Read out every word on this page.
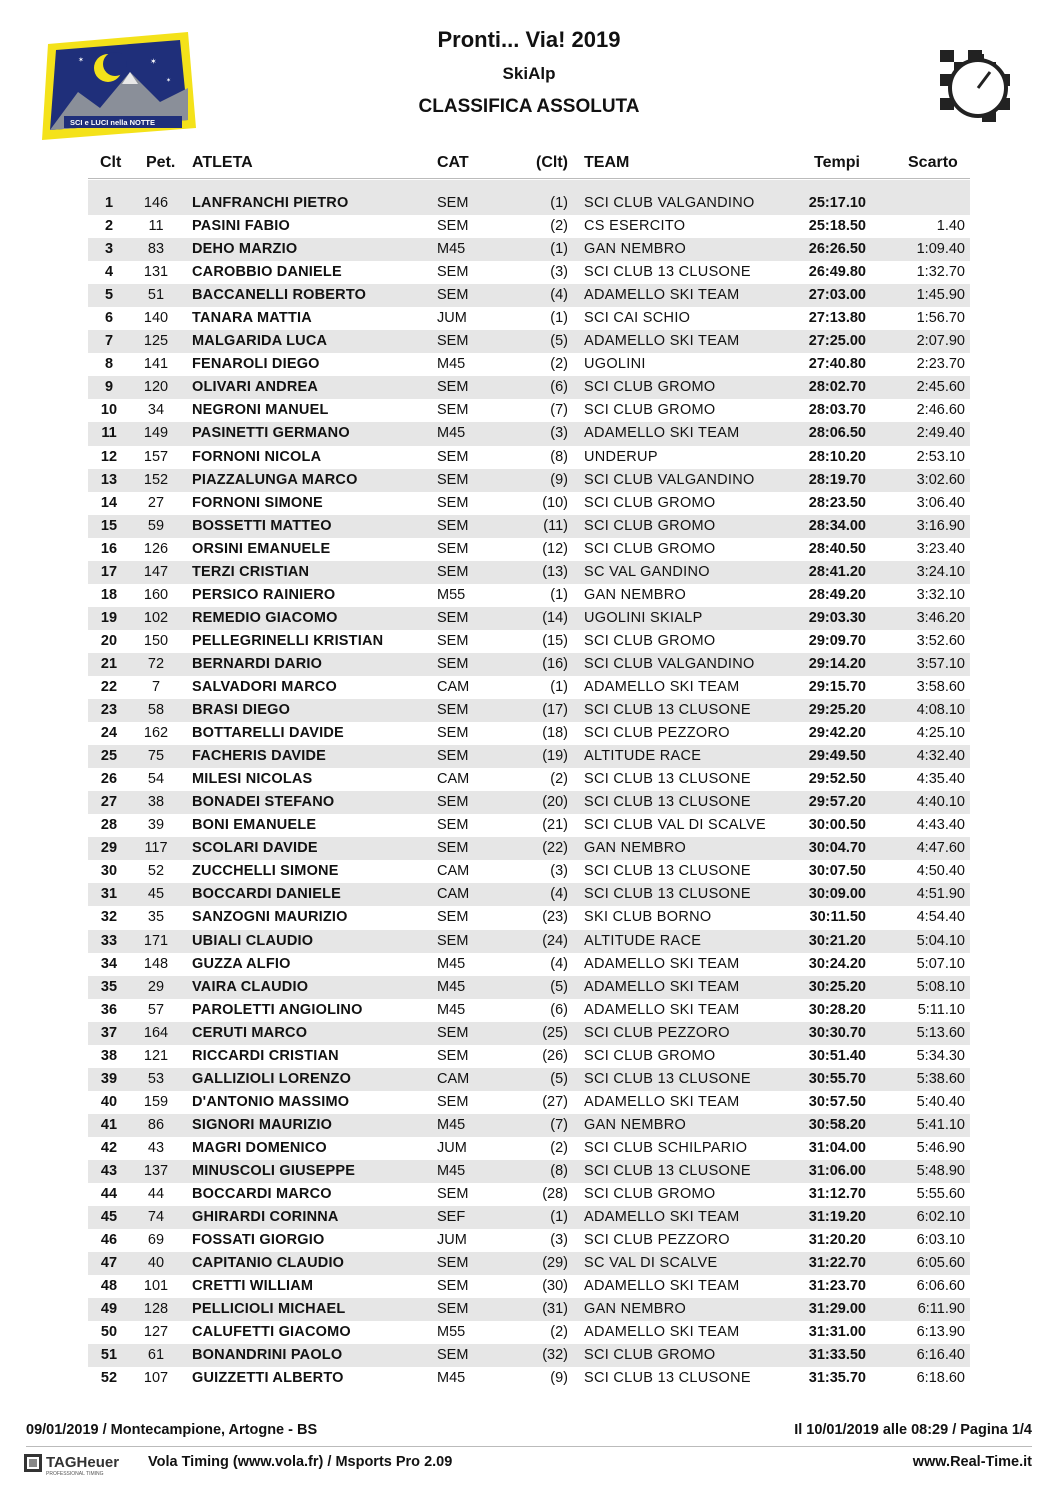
✶
✶
✶
SCI e LUCI nella NOTTE
Pronti... Via! 2019
SkiAlp
CLASSIFICA ASSOLUTA
Clt Pet. ATLETA	CAT	(Clt) TEAM	Tempi	Scarto
1	146	LANFRANCHI PIETRO	SEM	(1) SCI CLUB VALGANDINO	25:17.10
2	11	PASINI FABIO	SEM	(2) CS ESERCITO	25:18.50	1.40
3	83	DEHO MARZIO	M45	(1) GAN NEMBRO	26:26.50	1:09.40
4	131	CAROBBIO DANIELE	SEM	(3) SCI CLUB 13 CLUSONE	26:49.80	1:32.70
5	51	BACCANELLI ROBERTO	SEM	(4) ADAMELLO SKI TEAM	27:03.00	1:45.90
6	140	TANARA MATTIA	JUM	(1) SCI CAI SCHIO	27:13.80	1:56.70
7	125	MALGARIDA LUCA	SEM	(5) ADAMELLO SKI TEAM	27:25.00	2:07.90
8	141	FENAROLI DIEGO	M45	(2) UGOLINI	27:40.80	2:23.70
9	120	OLIVARI ANDREA	SEM	(6) SCI CLUB GROMO	28:02.70	2:45.60
10	34	NEGRONI MANUEL	SEM	(7) SCI CLUB GROMO	28:03.70	2:46.60
11	149	PASINETTI GERMANO	M45	(3) ADAMELLO SKI TEAM	28:06.50	2:49.40
12	157	FORNONI NICOLA	SEM	(8) UNDERUP	28:10.20	2:53.10
13	152	PIAZZALUNGA MARCO	SEM	(9) SCI CLUB VALGANDINO	28:19.70	3:02.60
14	27	FORNONI SIMONE	SEM	(10) SCI CLUB GROMO	28:23.50	3:06.40
15	59	BOSSETTI MATTEO	SEM	(11) SCI CLUB GROMO	28:34.00	3:16.90
16	126	ORSINI EMANUELE	SEM	(12) SCI CLUB GROMO	28:40.50	3:23.40
17	147	TERZI CRISTIAN	SEM	(13) SC VAL GANDINO	28:41.20	3:24.10
18	160	PERSICO RAINIERO	M55	(1) GAN NEMBRO	28:49.20	3:32.10
19	102	REMEDIO GIACOMO	SEM	(14) UGOLINI SKIALP	29:03.30	3:46.20
20	150	PELLEGRINELLI KRISTIAN	SEM	(15) SCI CLUB GROMO	29:09.70	3:52.60
21	72	BERNARDI DARIO	SEM	(16) SCI CLUB VALGANDINO	29:14.20	3:57.10
22	7	SALVADORI MARCO	CAM	(1) ADAMELLO SKI TEAM	29:15.70	3:58.60
23	58	BRASI DIEGO	SEM	(17) SCI CLUB 13 CLUSONE	29:25.20	4:08.10
24	162	BOTTARELLI DAVIDE	SEM	(18) SCI CLUB PEZZORO	29:42.20	4:25.10
25	75	FACHERIS DAVIDE	SEM	(19) ALTITUDE RACE	29:49.50	4:32.40
26	54	MILESI NICOLAS	CAM	(2) SCI CLUB 13 CLUSONE	29:52.50	4:35.40
27	38	BONADEI STEFANO	SEM	(20) SCI CLUB 13 CLUSONE	29:57.20	4:40.10
28	39	BONI EMANUELE	SEM	(21) SCI CLUB VAL DI SCALVE	30:00.50	4:43.40
29	117	SCOLARI DAVIDE	SEM	(22) GAN NEMBRO	30:04.70	4:47.60
30	52	ZUCCHELLI SIMONE	CAM	(3) SCI CLUB 13 CLUSONE	30:07.50	4:50.40
31	45	BOCCARDI DANIELE	CAM	(4) SCI CLUB 13 CLUSONE	30:09.00	4:51.90
32	35	SANZOGNI MAURIZIO	SEM	(23) SKI CLUB BORNO	30:11.50	4:54.40
33	171	UBIALI CLAUDIO	SEM	(24) ALTITUDE RACE	30:21.20	5:04.10
34	148	GUZZA ALFIO	M45	(4) ADAMELLO SKI TEAM	30:24.20	5:07.10
35	29	VAIRA CLAUDIO	M45	(5) ADAMELLO SKI TEAM	30:25.20	5:08.10
36	57	PAROLETTI ANGIOLINO	M45	(6) ADAMELLO SKI TEAM	30:28.20	5:11.10
37	164	CERUTI MARCO	SEM	(25) SCI CLUB PEZZORO	30:30.70	5:13.60
38	121	RICCARDI CRISTIAN	SEM	(26) SCI CLUB GROMO	30:51.40	5:34.30
39	53	GALLIZIOLI LORENZO	CAM	(5) SCI CLUB 13 CLUSONE	30:55.70	5:38.60
40	159	D'ANTONIO MASSIMO	SEM	(27) ADAMELLO SKI TEAM	30:57.50	5:40.40
41	86	SIGNORI MAURIZIO	M45	(7) GAN NEMBRO	30:58.20	5:41.10
42	43	MAGRI DOMENICO	JUM	(2) SCI CLUB SCHILPARIO	31:04.00	5:46.90
43	137	MINUSCOLI GIUSEPPE	M45	(8) SCI CLUB 13 CLUSONE	31:06.00	5:48.90
44	44	BOCCARDI MARCO	SEM	(28) SCI CLUB GROMO	31:12.70	5:55.60
45	74	GHIRARDI CORINNA	SEF	(1) ADAMELLO SKI TEAM	31:19.20	6:02.10
46	69	FOSSATI GIORGIO	JUM	(3) SCI CLUB PEZZORO	31:20.20	6:03.10
47	40	CAPITANIO CLAUDIO	SEM	(29) SC VAL DI SCALVE	31:22.70	6:05.60
48	101	CRETTI WILLIAM	SEM	(30) ADAMELLO SKI TEAM	31:23.70	6:06.60
49	128	PELLICIOLI MICHAEL	SEM	(31) GAN NEMBRO	31:29.00	6:11.90
50	127	CALUFETTI GIACOMO	M55	(2) ADAMELLO SKI TEAM	31:31.00	6:13.90
51	61	BONANDRINI PAOLO	SEM	(32) SCI CLUB GROMO	31:33.50	6:16.40
52	107	GUIZZETTI ALBERTO	M45	(9) SCI CLUB 13 CLUSONE	31:35.70	6:18.60
09/01/2019 / Montecampione, Artogne - BS	Il 10/01/2019 alle 08:29 / Pagina 1/4
TAGHeuer
PROFESSIONAL TIMING
Vola Timing (www.vola.fr) / Msports Pro 2.09	www.Real-Time.it
